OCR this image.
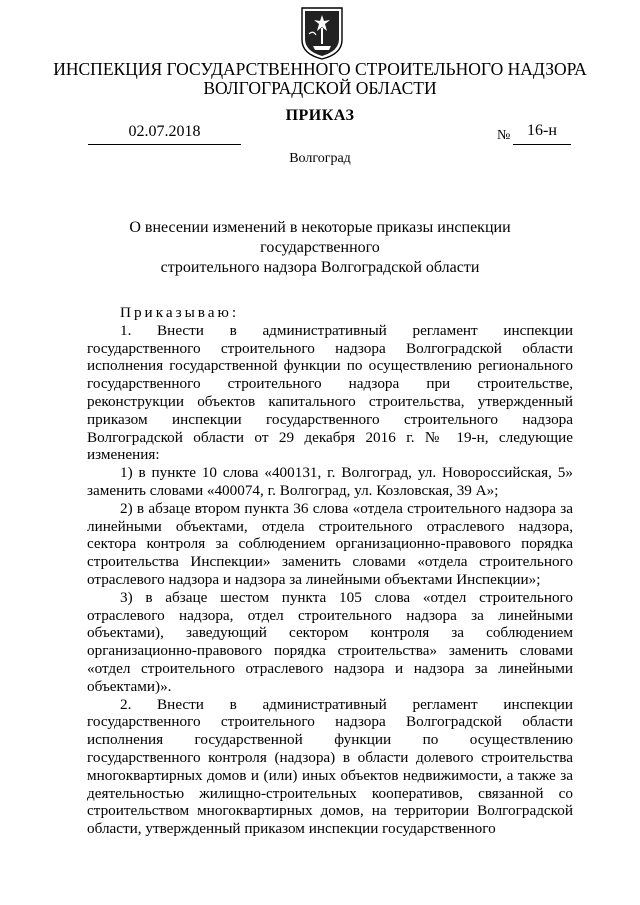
ИНСПЕКЦИЯ ГОСУДАРСТВЕННОГО СТРОИТЕЛЬНОГО НАДЗОРА
ВОЛГОГРАДСКОЙ ОБЛАСТИ
ПРИКАЗ
02.07.2018	№	16-н
Волгоград
О внесении изменений в некоторые приказы инспекции государственного
строительного надзора Волгоградской области

Приказываю:

1. Внести в административный регламент инспекции государственного строительного надзора Волгоградской области исполнения государственной функции по осуществлению регионального государственного строительного надзора при строительстве, реконструкции объектов капитального строительства, утвержденный приказом инспекции государственного строительного надзора Волгоградской области от 29 декабря 2016 г. № 19-н, следующие изменения:

1) в пункте 10 слова «400131, г. Волгоград, ул. Новороссийская, 5» заменить словами «400074, г. Волгоград, ул. Козловская, 39 А»;

2) в абзаце втором пункта 36 слова «отдела строительного надзора за линейными объектами, отдела строительного отраслевого надзора, сектора контроля за соблюдением организационно-правового порядка строительства Инспекции» заменить словами «отдела строительного отраслевого надзора и надзора за линейными объектами Инспекции»;

3) в абзаце шестом пункта 105 слова «отдел строительного отраслевого надзора, отдел строительного надзора за линейными объектами), заведующий сектором контроля за соблюдением организационно-правового порядка строительства» заменить словами «отдел строительного отраслевого надзора и надзора за линейными объектами)».

2. Внести в административный регламент инспекции государственного строительного надзора Волгоградской области исполнения государственной функции по осуществлению государственного контроля (надзора) в области долевого строительства многоквартирных домов и (или) иных объектов недвижимости, а также за деятельностью жилищно-строительных кооперативов, связанной со строительством многоквартирных домов, на территории Волгоградской области, утвержденный приказом инспекции государственного
